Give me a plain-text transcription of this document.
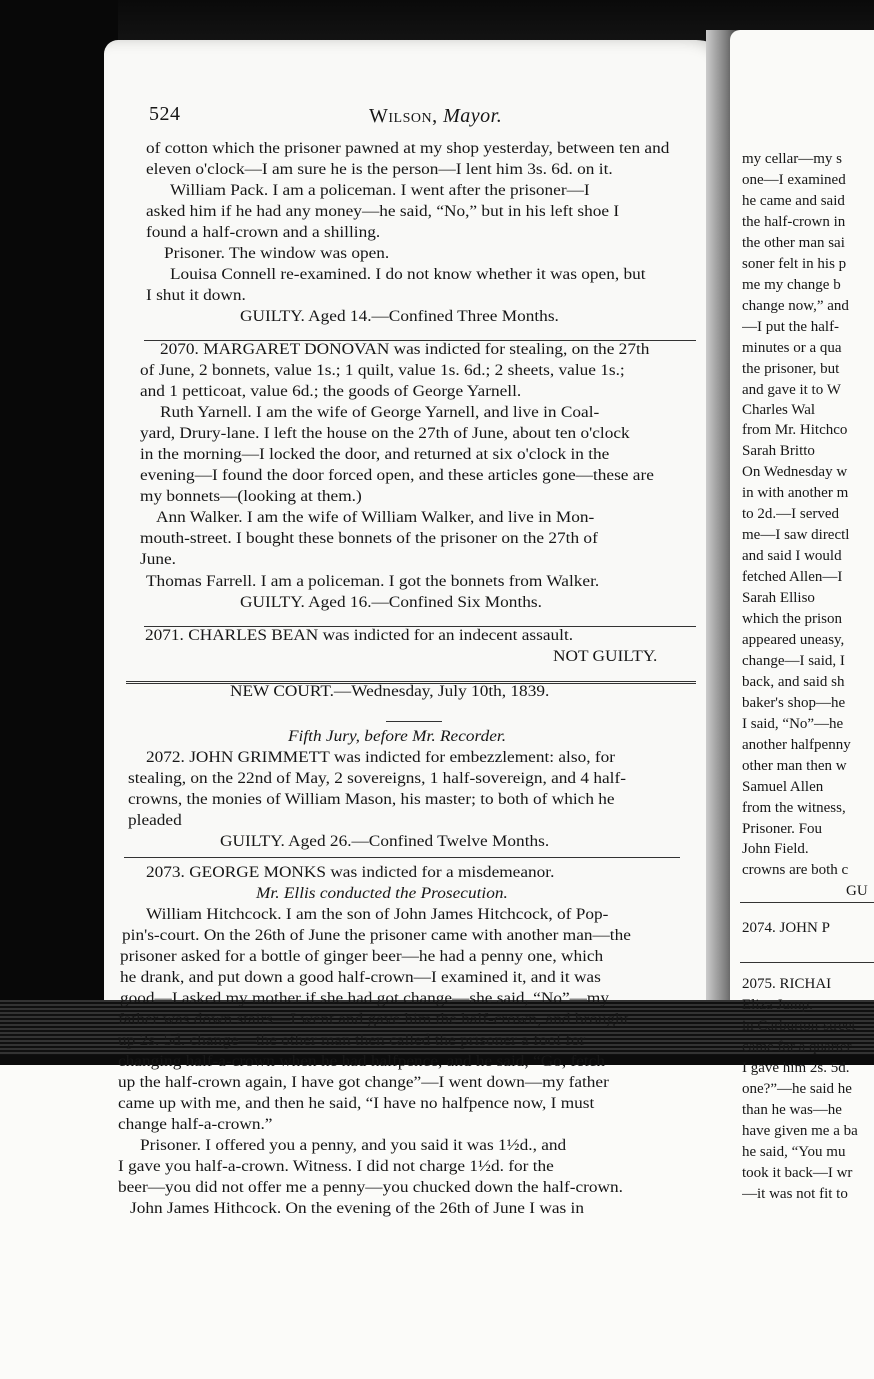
524	Wilson, Mayor.
of cotton which the prisoner pawned at my shop yesterday, between ten and
eleven o'clock—I am sure he is the person—I lent him 3s. 6d. on it.
William Pack. I am a policeman. I went after the prisoner—I
asked him if he had any money—he said, “No,” but in his left shoe I
found a half-crown and a shilling.
Prisoner. The window was open.
Louisa Connell re-examined. I do not know whether it was open, but
I shut it down.
GUILTY. Aged 14.—Confined Three Months.
2070. MARGARET DONOVAN was indicted for stealing, on the 27th
of June, 2 bonnets, value 1s.; 1 quilt, value 1s. 6d.; 2 sheets, value 1s.;
and 1 petticoat, value 6d.; the goods of George Yarnell.
Ruth Yarnell. I am the wife of George Yarnell, and live in Coal-
yard, Drury-lane. I left the house on the 27th of June, about ten o'clock
in the morning—I locked the door, and returned at six o'clock in the
evening—I found the door forced open, and these articles gone—these are
my bonnets—(looking at them.)
Ann Walker. I am the wife of William Walker, and live in Mon-
mouth-street. I bought these bonnets of the prisoner on the 27th of
June.
Thomas Farrell. I am a policeman. I got the bonnets from Walker.
GUILTY. Aged 16.—Confined Six Months.
2071. CHARLES BEAN was indicted for an indecent assault.
NOT GUILTY.
NEW COURT.—Wednesday, July 10th, 1839.
Fifth Jury, before Mr. Recorder.
2072. JOHN GRIMMETT was indicted for embezzlement: also, for
stealing, on the 22nd of May, 2 sovereigns, 1 half-sovereign, and 4 half-
crowns, the monies of William Mason, his master; to both of which he
pleaded
GUILTY. Aged 26.—Confined Twelve Months.
2073. GEORGE MONKS was indicted for a misdemeanor.
Mr. Ellis conducted the Prosecution.
William Hitchcock. I am the son of John James Hitchcock, of Pop-
pin's-court. On the 26th of June the prisoner came with another man—the
prisoner asked for a bottle of ginger beer—he had a penny one, which
he drank, and put down a good half-crown—I examined it, and it was
good—I asked my mother if she had got change—she said, “No”—my
father was down stairs—I went and gave him the half-crown, and brought
up 2s. 5d. change—the other man then called the prisoner a fool for
changing half-a-crown when he had halfpence, and he said, “Go, fetch
up the half-crown again, I have got change”—I went down—my father
came up with me, and then he said, “I have no halfpence now, I must
change half-a-crown.”
Prisoner. I offered you a penny, and you said it was 1½d., and
I gave you half-a-crown. Witness. I did not charge 1½d. for the
beer—you did not offer me a penny—you chucked down the half-crown.
John James Hithcock. On the evening of the 26th of June I was in
my cellar—my s
one—I examined
he came and said
the half-crown in
the other man sai
soner felt in his p
me my change b
change now,” and
—I put the half-
minutes or a qua
the prisoner, but
and gave it to W
Charles Wal
from Mr. Hitchco
Sarah Britto
On Wednesday w
in with another m
to 2d.—I served
me—I saw directl
and said I would
fetched Allen—I
Sarah Elliso
which the prison
appeared uneasy,
change—I said, I
back, and said sh
baker's shop—he
I said, “No”—he
another halfpenny
other man then w
Samuel Allen
from the witness,
Prisoner. Fou
John Field.
crowns are both c
GU
2074. JOHN P
2075. RICHAI
Eliza Jump.
in Carburton-street
came for a quarter
I gave him 2s. 5d.
one?”—he said he
than he was—he
have given me a ba
he said, “You mu
took it back—I wr
—it was not fit to
